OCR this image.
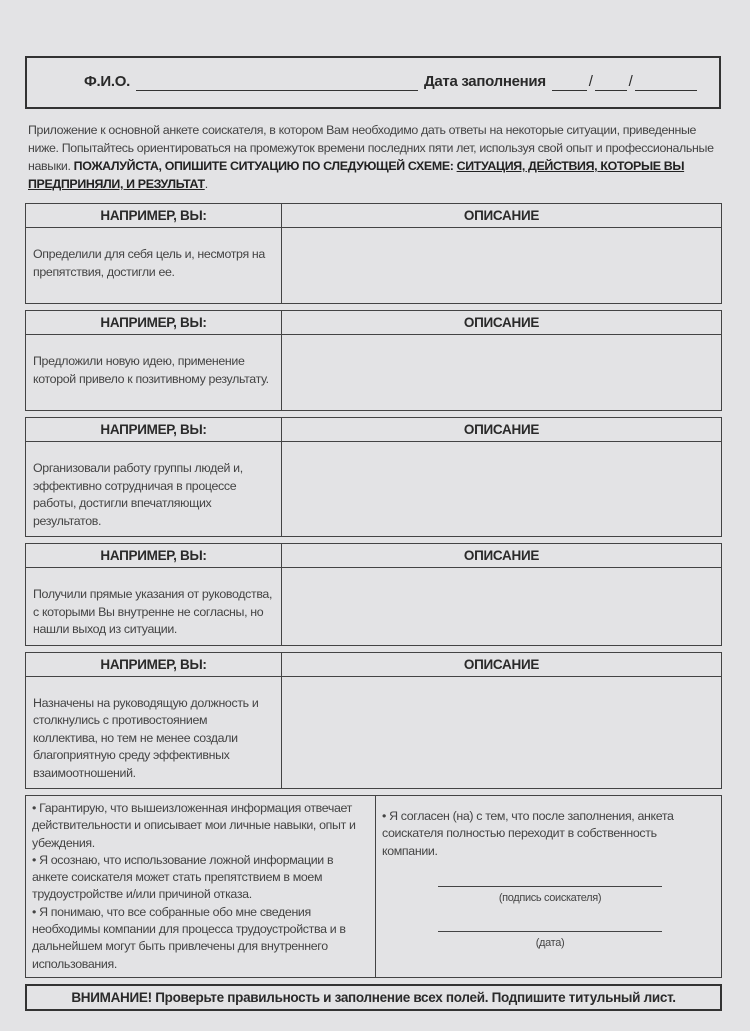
Ф.И.О.	Дата заполнения	/ /
Приложение к основной анкете соискателя, в котором Вам необходимо дать ответы на некоторые ситуации, приведенные ниже. Попытайтесь ориентироваться на промежуток времени последних пяти лет, используя свой опыт и профессиональные навыки. ПОЖАЛУЙСТА, ОПИШИТЕ СИТУАЦИЮ ПО СЛЕДУЮЩЕЙ СХЕМЕ: СИТУАЦИЯ, ДЕЙСТВИЯ, КОТОРЫЕ ВЫ ПРЕДПРИНЯЛИ, И РЕЗУЛЬТАТ.
НАПРИМЕР, ВЫ:	ОПИСАНИЕ
Определили для себя цель и, несмотря на препятствия, достигли ее.
НАПРИМЕР, ВЫ:	ОПИСАНИЕ
Предложили новую идею, применение которой привело к позитивному результату.
НАПРИМЕР, ВЫ:	ОПИСАНИЕ
Организовали работу группы людей и, эффективно сотрудничая в процессе работы, достигли впечатляющих результатов.
НАПРИМЕР, ВЫ:	ОПИСАНИЕ
Получили прямые указания от руководства, с которыми Вы внутренне не согласны, но нашли выход из ситуации.
НАПРИМЕР, ВЫ:	ОПИСАНИЕ
Назначены на руководящую должность и столкнулись с противостоянием коллектива, но тем не менее создали благоприятную среду эффективных взаимоотношений.
• Гарантирую, что вышеизложенная информация отвечает действительности и описывает мои личные навыки, опыт и убеждения.
• Я осознаю, что использование ложной информации в анкете соискателя может стать препятствием в моем трудоустройстве и/или причиной отказа.
• Я понимаю, что все собранные обо мне сведения необходимы компании для процесса трудоустройства и в дальнейшем могут быть привлечены для внутреннего использования.
• Я согласен (на) с тем, что после заполнения, анкета соискателя полностью переходит в собственность компании.
(подпись соискателя)
(дата)
ВНИМАНИЕ! Проверьте правильность и заполнение всех полей. Подпишите титульный лист.
